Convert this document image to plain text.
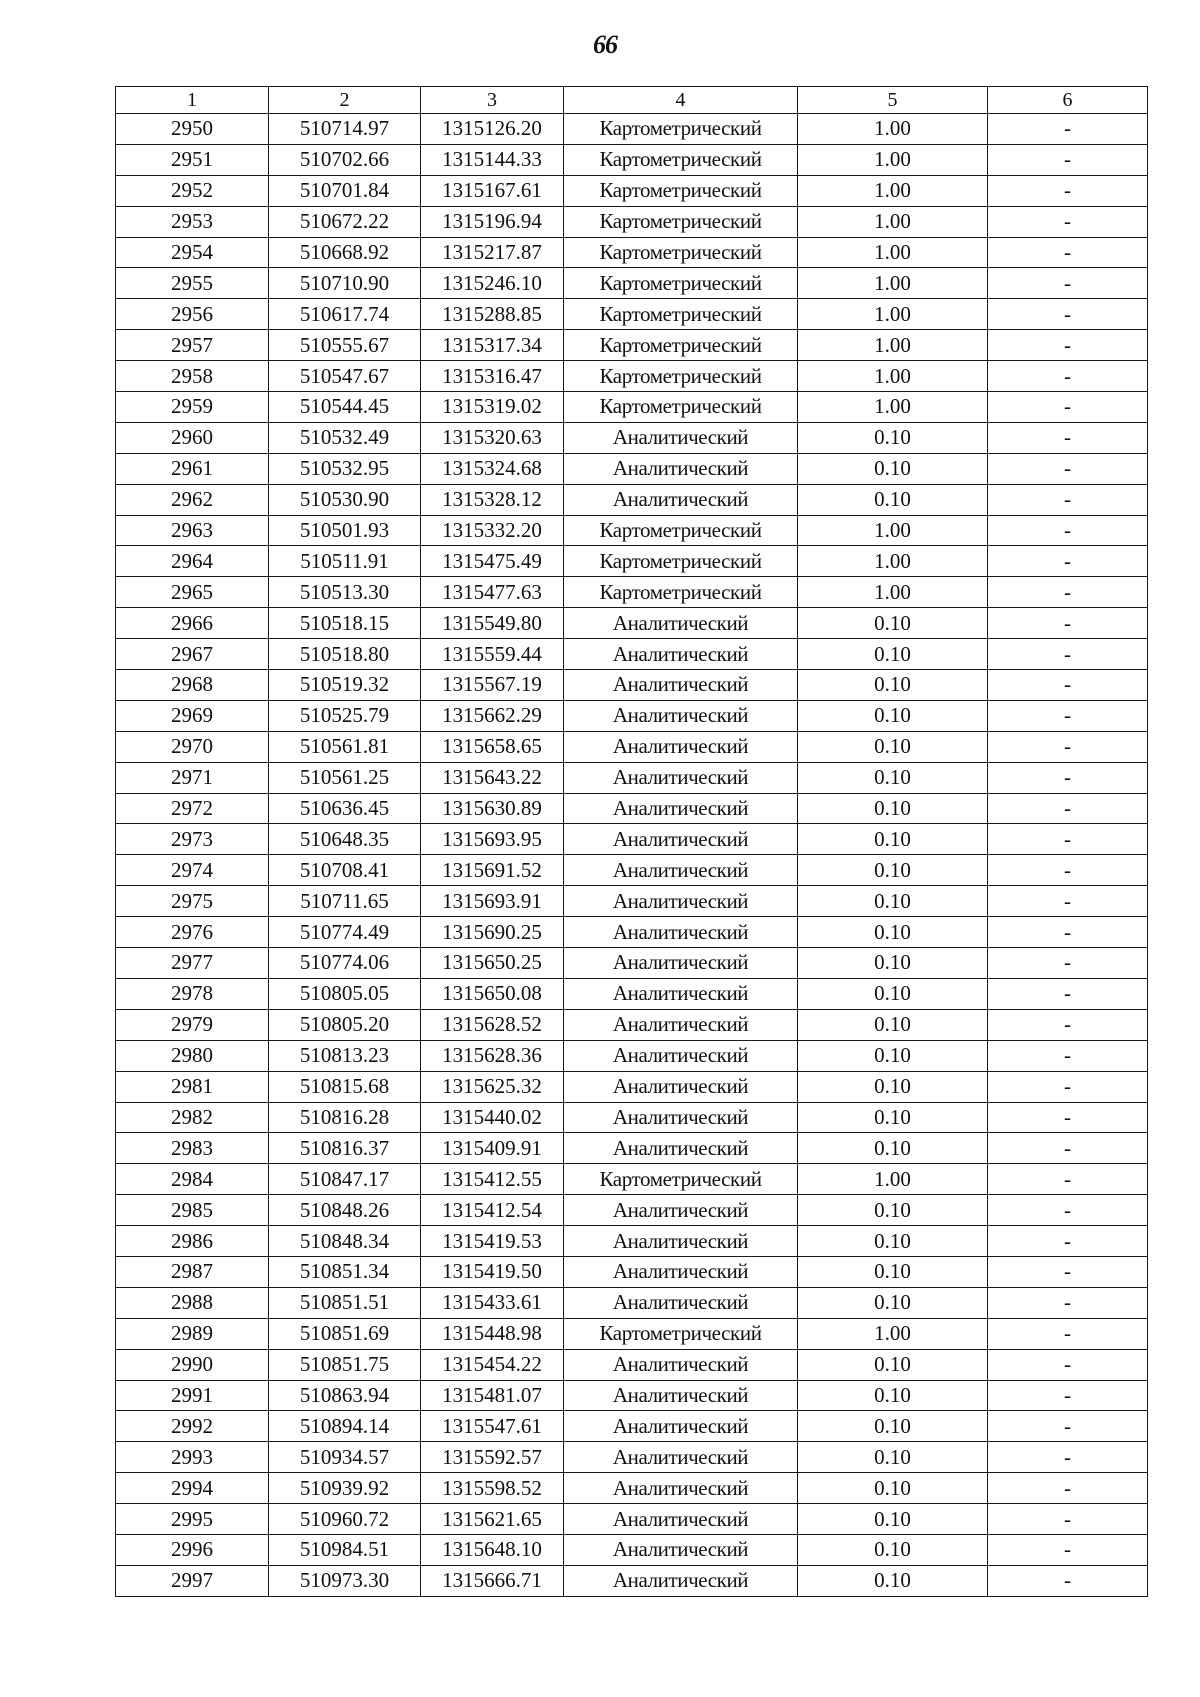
66
1	2	3	4	5	6
2950	510714.97	1315126.20	Картометрический	1.00	-
2951	510702.66	1315144.33	Картометрический	1.00	-
2952	510701.84	1315167.61	Картометрический	1.00	-
2953	510672.22	1315196.94	Картометрический	1.00	-
2954	510668.92	1315217.87	Картометрический	1.00	-
2955	510710.90	1315246.10	Картометрический	1.00	-
2956	510617.74	1315288.85	Картометрический	1.00	-
2957	510555.67	1315317.34	Картометрический	1.00	-
2958	510547.67	1315316.47	Картометрический	1.00	-
2959	510544.45	1315319.02	Картометрический	1.00	-
2960	510532.49	1315320.63	Аналитический	0.10	-
2961	510532.95	1315324.68	Аналитический	0.10	-
2962	510530.90	1315328.12	Аналитический	0.10	-
2963	510501.93	1315332.20	Картометрический	1.00	-
2964	510511.91	1315475.49	Картометрический	1.00	-
2965	510513.30	1315477.63	Картометрический	1.00	-
2966	510518.15	1315549.80	Аналитический	0.10	-
2967	510518.80	1315559.44	Аналитический	0.10	-
2968	510519.32	1315567.19	Аналитический	0.10	-
2969	510525.79	1315662.29	Аналитический	0.10	-
2970	510561.81	1315658.65	Аналитический	0.10	-
2971	510561.25	1315643.22	Аналитический	0.10	-
2972	510636.45	1315630.89	Аналитический	0.10	-
2973	510648.35	1315693.95	Аналитический	0.10	-
2974	510708.41	1315691.52	Аналитический	0.10	-
2975	510711.65	1315693.91	Аналитический	0.10	-
2976	510774.49	1315690.25	Аналитический	0.10	-
2977	510774.06	1315650.25	Аналитический	0.10	-
2978	510805.05	1315650.08	Аналитический	0.10	-
2979	510805.20	1315628.52	Аналитический	0.10	-
2980	510813.23	1315628.36	Аналитический	0.10	-
2981	510815.68	1315625.32	Аналитический	0.10	-
2982	510816.28	1315440.02	Аналитический	0.10	-
2983	510816.37	1315409.91	Аналитический	0.10	-
2984	510847.17	1315412.55	Картометрический	1.00	-
2985	510848.26	1315412.54	Аналитический	0.10	-
2986	510848.34	1315419.53	Аналитический	0.10	-
2987	510851.34	1315419.50	Аналитический	0.10	-
2988	510851.51	1315433.61	Аналитический	0.10	-
2989	510851.69	1315448.98	Картометрический	1.00	-
2990	510851.75	1315454.22	Аналитический	0.10	-
2991	510863.94	1315481.07	Аналитический	0.10	-
2992	510894.14	1315547.61	Аналитический	0.10	-
2993	510934.57	1315592.57	Аналитический	0.10	-
2994	510939.92	1315598.52	Аналитический	0.10	-
2995	510960.72	1315621.65	Аналитический	0.10	-
2996	510984.51	1315648.10	Аналитический	0.10	-
2997	510973.30	1315666.71	Аналитический	0.10	-
